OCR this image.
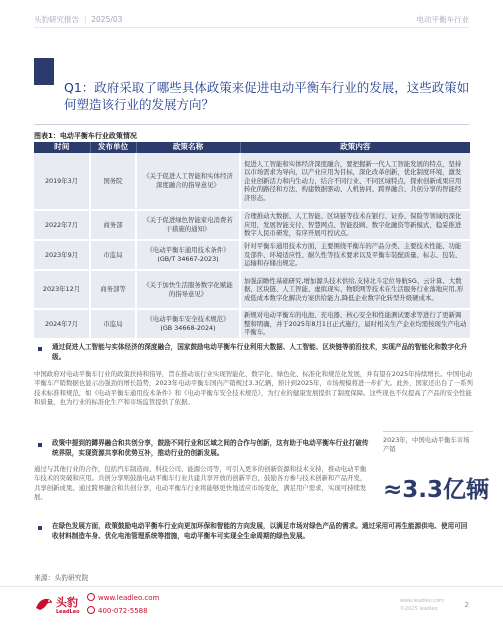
头豹研究报告 ｜ 2025/03	电动平衡车行业
Q1：政府采取了哪些具体政策来促进电动平衡车行业的发展，这些政策如何塑造该行业的发展方向？
图表1：电动平衡车行业政策情况
时间	发布单位	政策名称	政策内容
2019年3月	国务院	《关于促进人工智能和实体经济深度融合的指导意见》	促进人工智能和实体经济深度融合，要把握新一代人工智能发展的特点，坚持以市场需求为导向，以产业应用为目标，深化改革创新，优化制度环境，激发企业创新活力和内生动力，结合不同行业、不同区域特点，探索创新成果应用转化的路径和方法，构建数据驱动、人机协同、跨界融合、共创分享的智能经济形态。
2022年7月	商务部	《关于促进绿色智能家电消费若干措施的通知》	合理推动大数据、人工智能、区块链等技术在银行、证券、保险等领域的深化应用，发展智能支付、智慧网点、智能投顾、数字化融资等新模式，稳妥推进数字人民币研发，有序开展可控试点。
2023年9月	市监局	《电动平衡车通用技术条件》(GB/T 34667-2023)	针对平衡车通用技术方面，主要围绕平衡车的产品分类、主要技术性能、功能及部件、环境适应性、耐久性等技术要求以及平衡车装配质量、标志、包装、运输和存储出规定。
2023年12月	商务部等	《关于加快生活服务数字化赋能的指导意见》	加强前瞻性基础研究,增加源头技术供给,支持北斗定位导航5G、云计算、大数据、区块链、人工智能、虚拟现实、物联网等技术在生活服务行业落地应用,形成低成本数字化解决方案供给能力,降低企业数字化转型升级硬成本。
2024年7月	市监局	《电动平衡车安全技术规范》(GB 34668-2024)	新规对电动平衡车的电池、充电器、核心安全和性能测试要求等进行了更新调整和明确，并于2025年8月1日正式施行，届时相关生产企业均需按现生产电动平衡车。
通过促进人工智能与实体经济的深度融合，国家鼓励电动平衡车行业利用大数据、人工智能、区块链等前沿技术，实现产品的智能化和数字化升级。
中国政府对电动平衡车行业的政策扶持和指导，旨在推动该行业实现智能化、数字化、绿色化、标准化和规范化发展，并有望在2025年持续增长。中国电动平衡车产销数据也显示出强劲的增长趋势，2023年电动平衡车国内产销规过3.3亿辆，预计到2025年，市场规模将进一步扩大。此外，国家还出台了一系列技术标准和规范，如《电动平衡车通用技术条件》和《电动平衡车安全技术规范》，为行业的健康发展提供了制度保障。这些现也不仅提高了产品的安全性能和质量，也为行业的标准化生产和市场监管提供了依据。
政策中提到的蹲界融合和共创分享，鼓励不同行业和区域之间的合作与创新，这有助于电动平衡车行业打破传统界限，实现资源共享和优势互补，推动行业的创新发展。
通过与其他行业的合作，包括汽车制造商、科技公司、能源公司等，可引入更多的创新资源和技术支持，推动电动平衡车技术的突破和应用。共创分享则鼓励电动平衡车行业共建共享开放的创新平台，鼓励各方参与技术创新和产品开发，共享创新成果。通过跨界融合和共创分享，电动平衡车行业将能够更快地适应市场变化，满足用户需求，实现可持续发展。
在绿色发展方面，政策鼓励电动平衡车行业向更加环保和智能的方向发展，以满足市场对绿色产品的需求。通过采用可再生能源供电、使用可回收材料制造车身、优化电池管理系统等措施，电动平衡车可实现全生命周期的绿色发展。
2023年，中国电动平衡车市场产销
≈3.3亿辆
来源：头豹研究院
头豹
LeadLeo
www.leadleo.com
400-072-5588
www.leadleo.com
©2025 leadleo	2
